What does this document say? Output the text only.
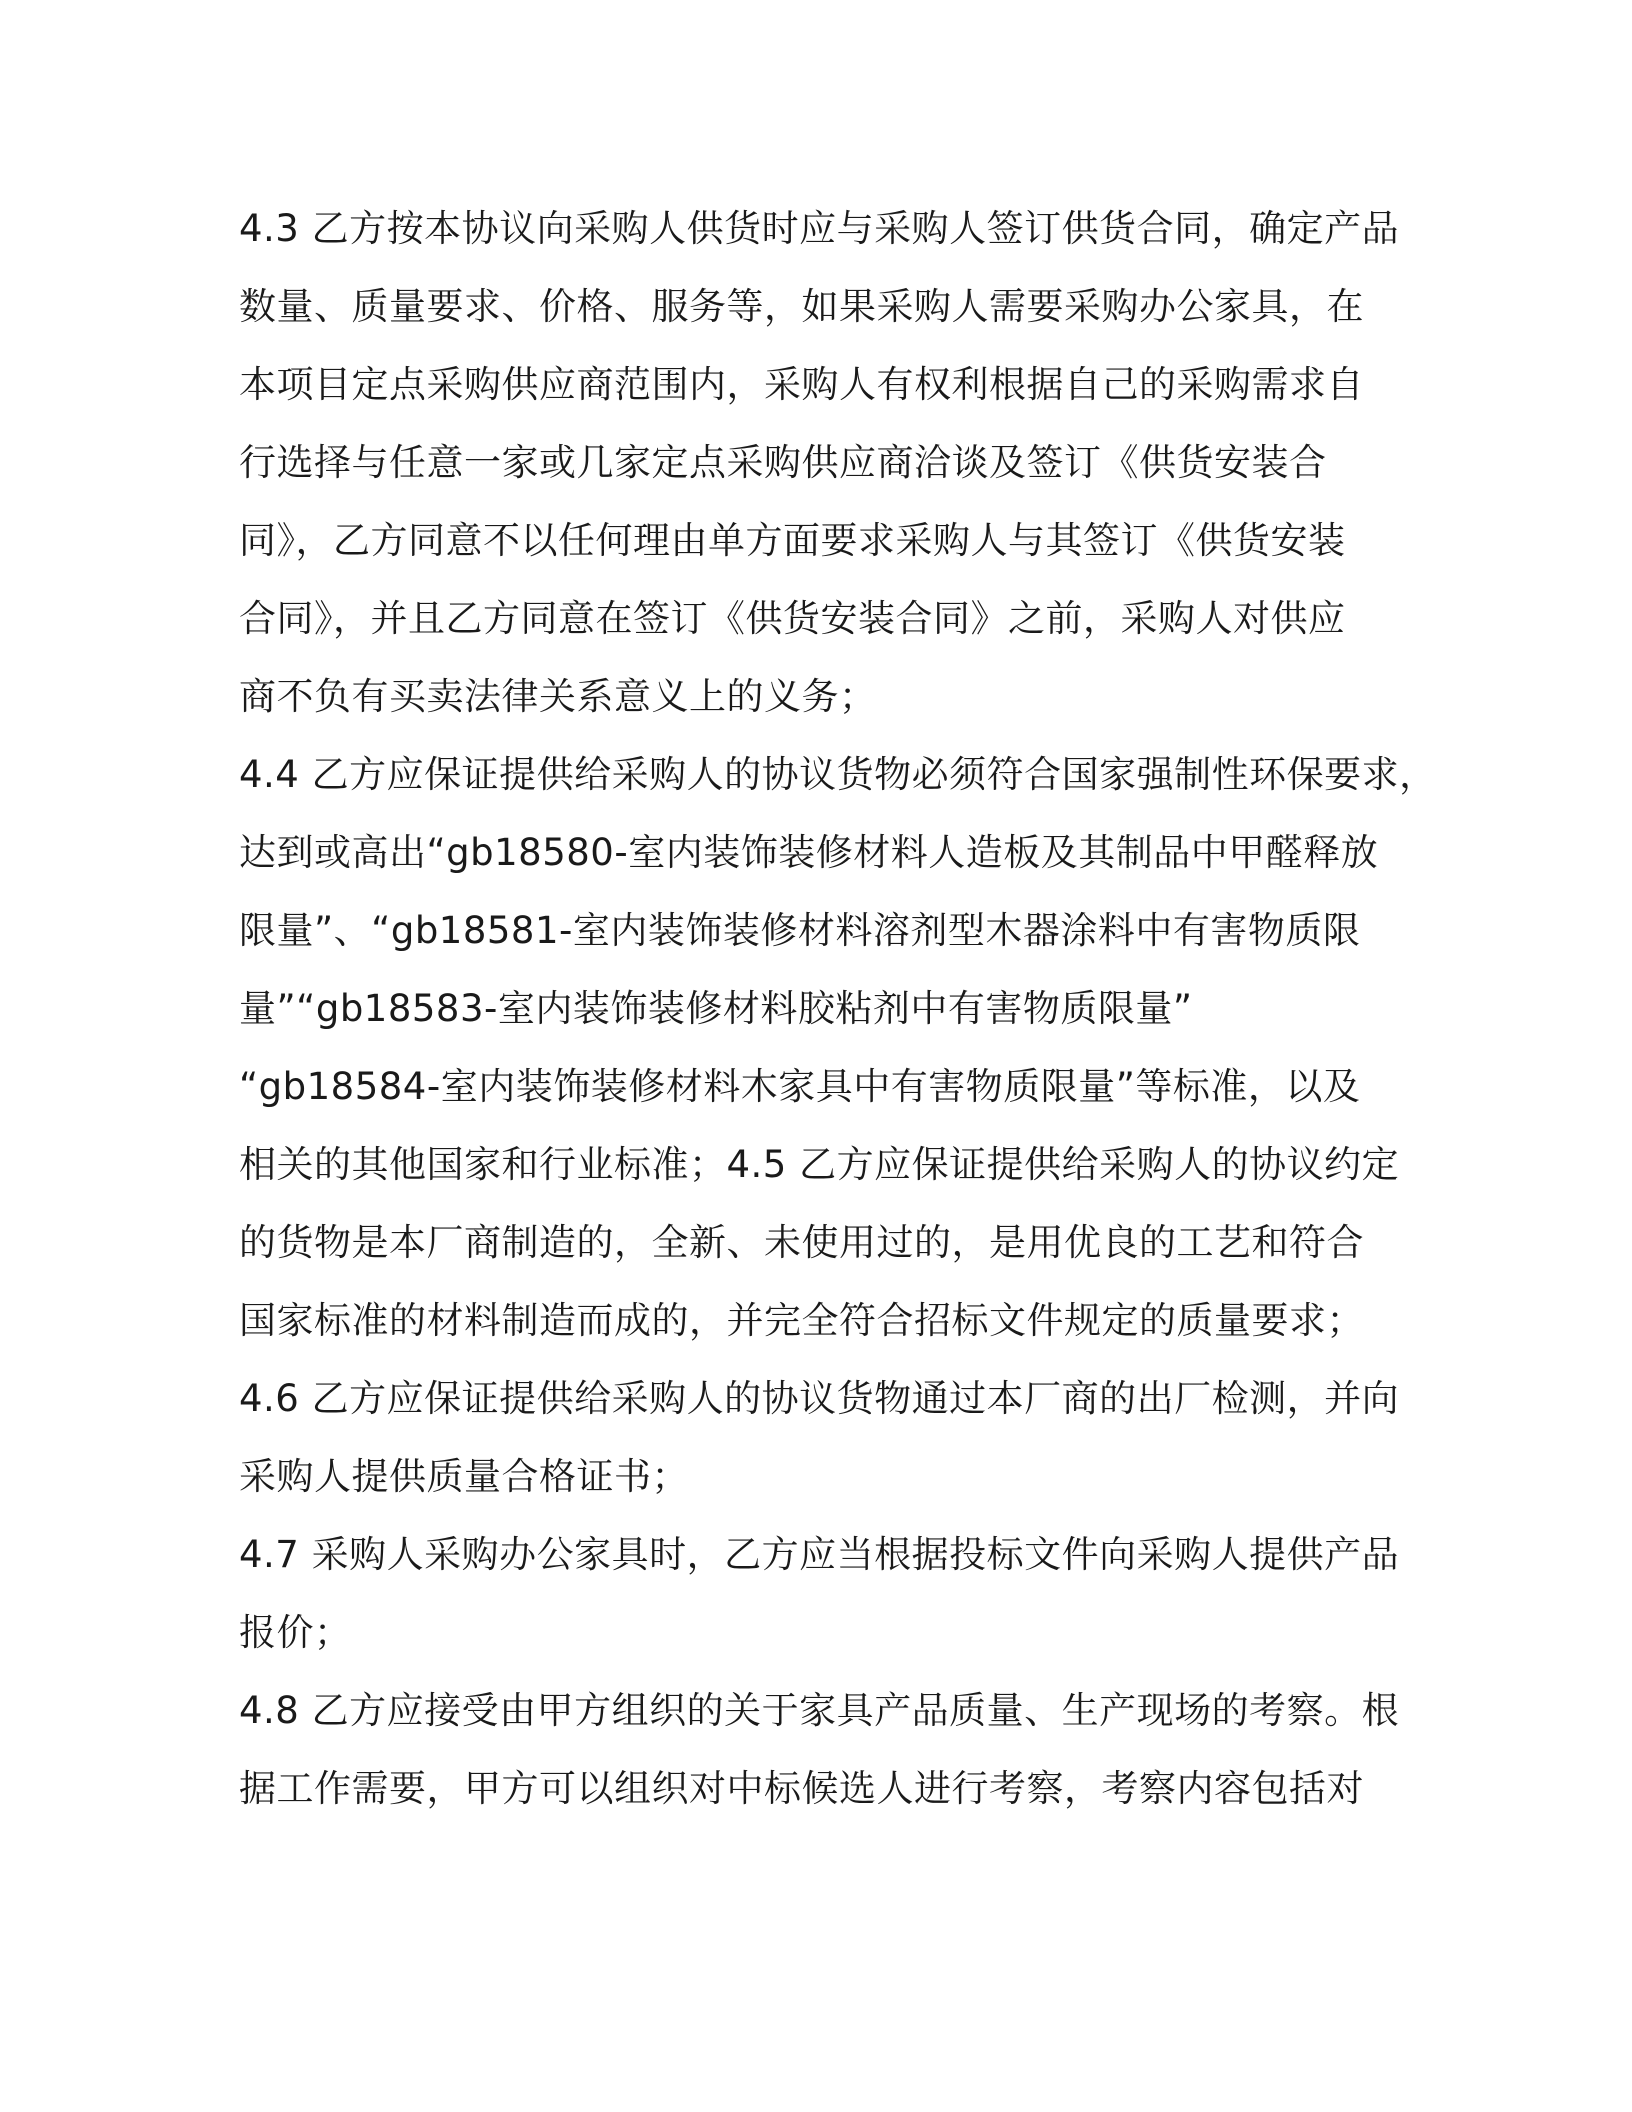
4.3 乙方按本协议向采购人供货时应与采购人签订供货合同，确定产品
数量、质量要求、价格、服务等，如果采购人需要采购办公家具，在
本项目定点采购供应商范围内，采购人有权利根据自己的采购需求自
行选择与任意一家或几家定点采购供应商洽谈及签订《供货安装合
同》，乙方同意不以任何理由单方面要求采购人与其签订《供货安装
合同》，并且乙方同意在签订《供货安装合同》之前，采购人对供应
商不负有买卖法律关系意义上的义务；
4.4 乙方应保证提供给采购人的协议货物必须符合国家强制性环保要求，
达到或高出“gb18580-室内装饰装修材料人造板及其制品中甲醛释放
限量”、“gb18581-室内装饰装修材料溶剂型木器涂料中有害物质限
量”“gb18583-室内装饰装修材料胶粘剂中有害物质限量”
“gb18584-室内装饰装修材料木家具中有害物质限量”等标准，以及
相关的其他国家和行业标准；4.5 乙方应保证提供给采购人的协议约定
的货物是本厂商制造的，全新、未使用过的，是用优良的工艺和符合
国家标准的材料制造而成的，并完全符合招标文件规定的质量要求；
4.6 乙方应保证提供给采购人的协议货物通过本厂商的出厂检测，并向
采购人提供质量合格证书；
4.7 采购人采购办公家具时，乙方应当根据投标文件向采购人提供产品
报价；
4.8 乙方应接受由甲方组织的关于家具产品质量、生产现场的考察。根
据工作需要，甲方可以组织对中标候选人进行考察，考察内容包括对
